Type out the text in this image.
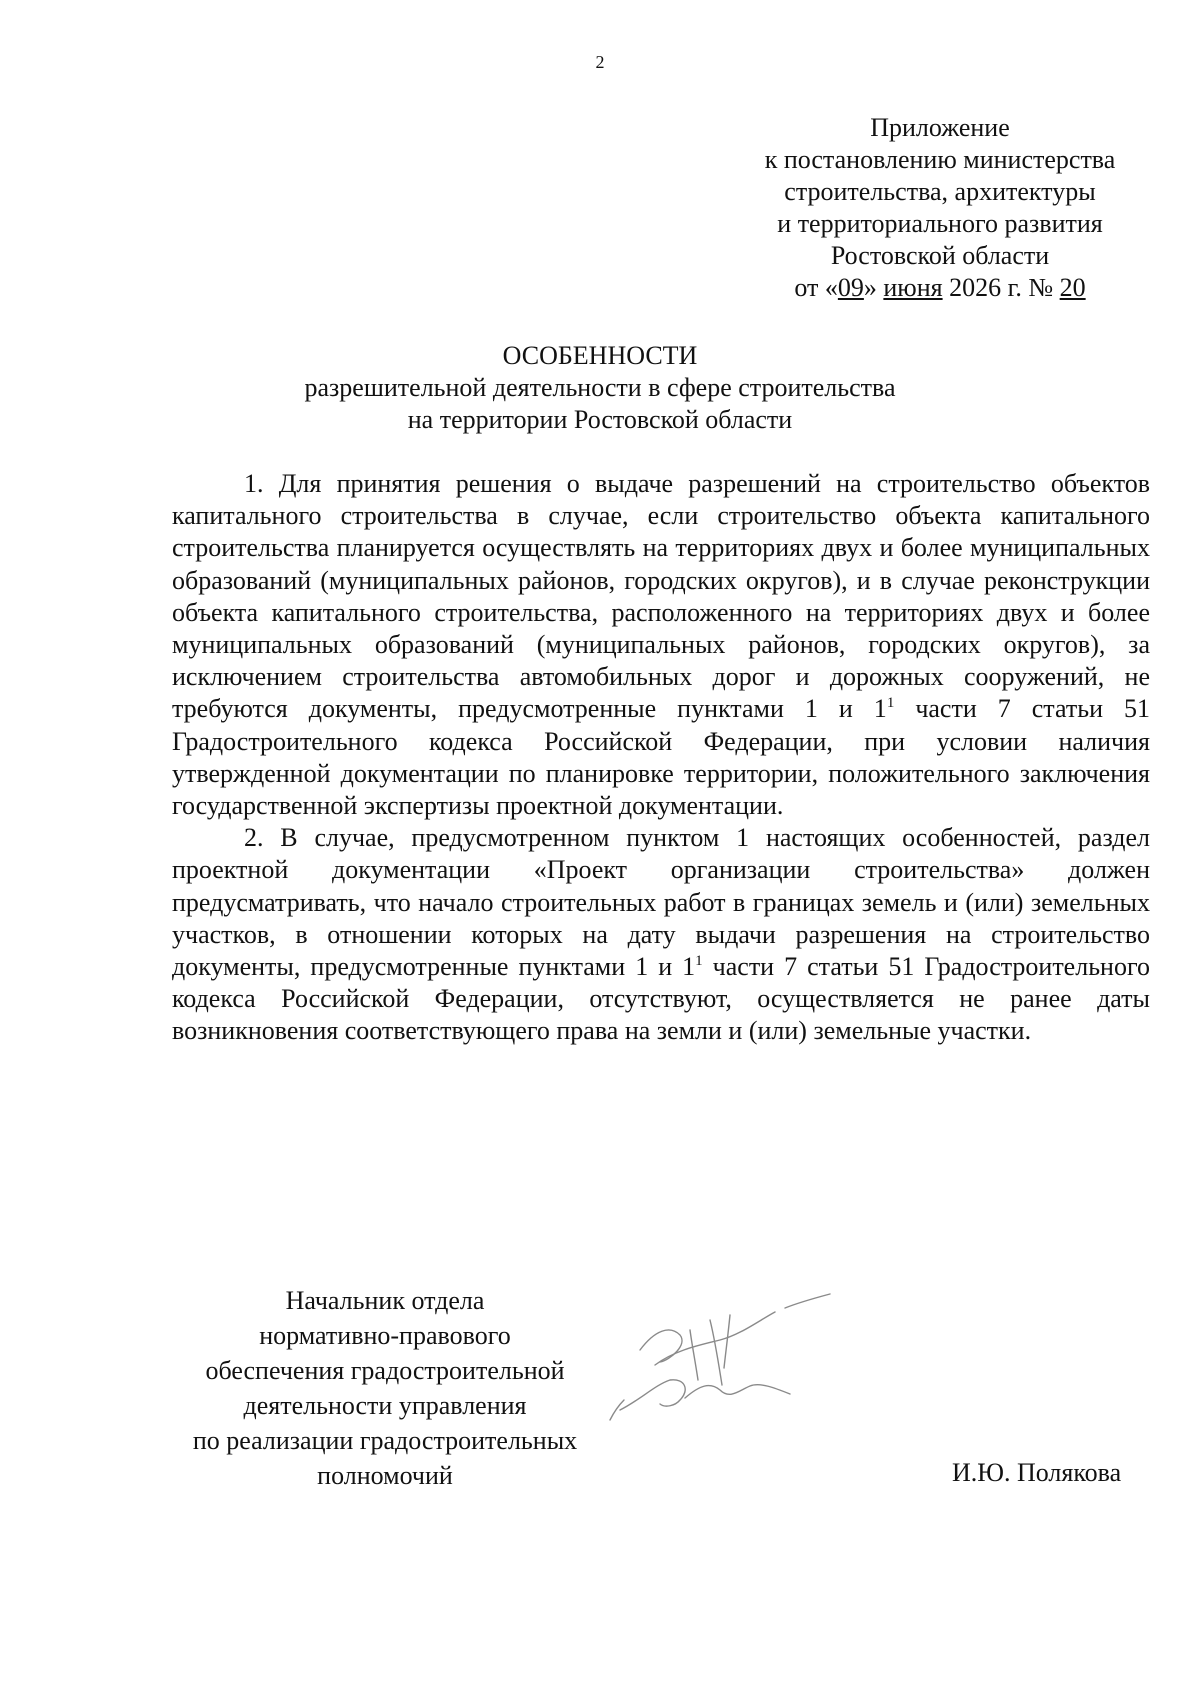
2
Приложение
к постановлению министерства
строительства, архитектуры
и территориального развития
Ростовской области
от «09» июня 2026 г. № 20
ОСОБЕННОСТИ
разрешительной деятельности в сфере строительства
на территории Ростовской области

1. Для принятия решения о выдаче разрешений на строительство объектов капитального строительства в случае, если строительство объекта капитального строительства планируется осуществлять на территориях двух и более муниципальных образований (муниципальных районов, городских округов), и в случае реконструкции объекта капитального строительства, расположенного на территориях двух и более муниципальных образований (муниципальных районов, городских округов), за исключением строительства автомобильных дорог и дорожных сооружений, не требуются документы, предусмотренные пунктами 1 и $1^1$ части 7 статьи 51 Градостроительного кодекса Российской Федерации, при условии наличия утвержденной документации по планировке территории, положительного заключения государственной экспертизы проектной документации.

2. В случае, предусмотренном пунктом 1 настоящих особенностей, раздел проектной документации «Проект организации строительства» должен предусматривать, что начало строительных работ в границах земель и (или) земельных участков, в отношении которых на дату выдачи разрешения на строительство документы, предусмотренные пунктами 1 и $1^1$ части 7 статьи 51 Градостроительного кодекса Российской Федерации, отсутствуют, осуществляется не ранее даты возникновения соответствующего права на земли и (или) земельные участки.

Начальник отдела
нормативно-правового
обеспечения градостроительной
деятельности управления
по реализации градостроительных
полномочий	И.Ю. Полякова
